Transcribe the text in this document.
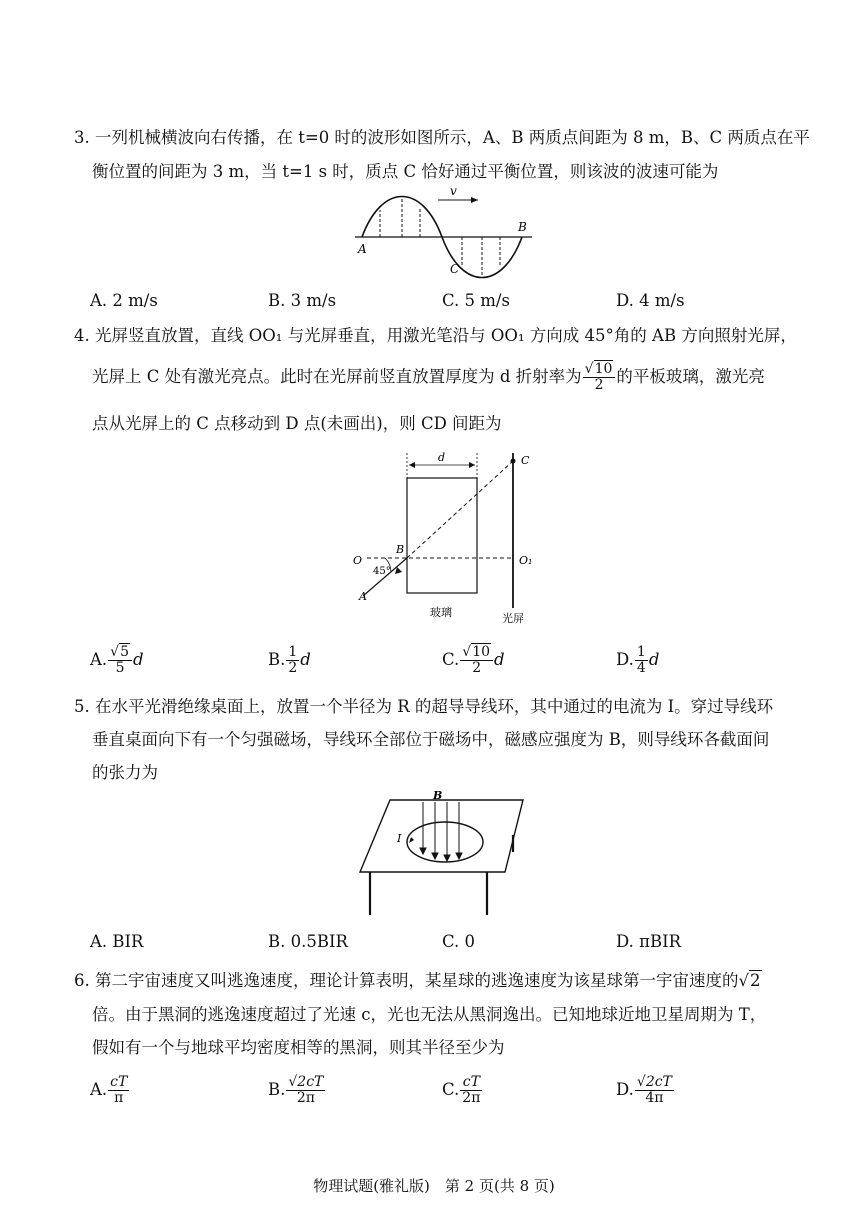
3. 一列机械横波向右传播，在 t=0 时的波形如图所示，A、B 两质点间距为 8 m，B、C 两质点在平
衡位置的间距为 3 m，当 t=1 s 时，质点 C 恰好通过平衡位置，则该波的波速可能为
v
A
B
C
A. 2 m/s	B. 3 m/s	C. 5 m/s	D. 4 m/s
4. 光屏竖直放置，直线 OO₁ 与光屏垂直，用激光笔沿与 OO₁ 方向成 45°角的 AB 方向照射光屏，
光屏上 C 处有激光亮点。此时在光屏前竖直放置厚度为 d 折射率为 $\frac{√10}{2}$ 的平板玻璃，激光亮
点从光屏上的 C 点移动到 D 点(未画出)，则 CD 间距为
d	C
O
B
45°
O₁
A
玻璃	光屏
A. $\frac{√5}{5}$ d	B. $\frac{1}{2}$ d	C. $\frac{√10}{2}$ d	D. $\frac{1}{4}$ d
5. 在水平光滑绝缘桌面上，放置一个半径为 R 的超导导线环，其中通过的电流为 I。穿过导线环
垂直桌面向下有一个匀强磁场，导线环全部位于磁场中，磁感应强度为 B，则导线环各截面间
的张力为
B
I
A. BIR	B. 0.5BIR	C. 0	D. πBIR
6. 第二宇宙速度又叫逃逸速度，理论计算表明，某星球的逃逸速度为该星球第一宇宙速度的√2
倍。由于黑洞的逃逸速度超过了光速 c，光也无法从黑洞逸出。已知地球近地卫星周期为 T，
假如有一个与地球平均密度相等的黑洞，则其半径至少为
A. $\frac{cT}{\pi}$	B. $\frac{√2cT}{2\pi}$	C. $\frac{cT}{2\pi}$	D. $\frac{√2cT}{4\pi}$
物理试题(雅礼版)　第 2 页(共 8 页)
